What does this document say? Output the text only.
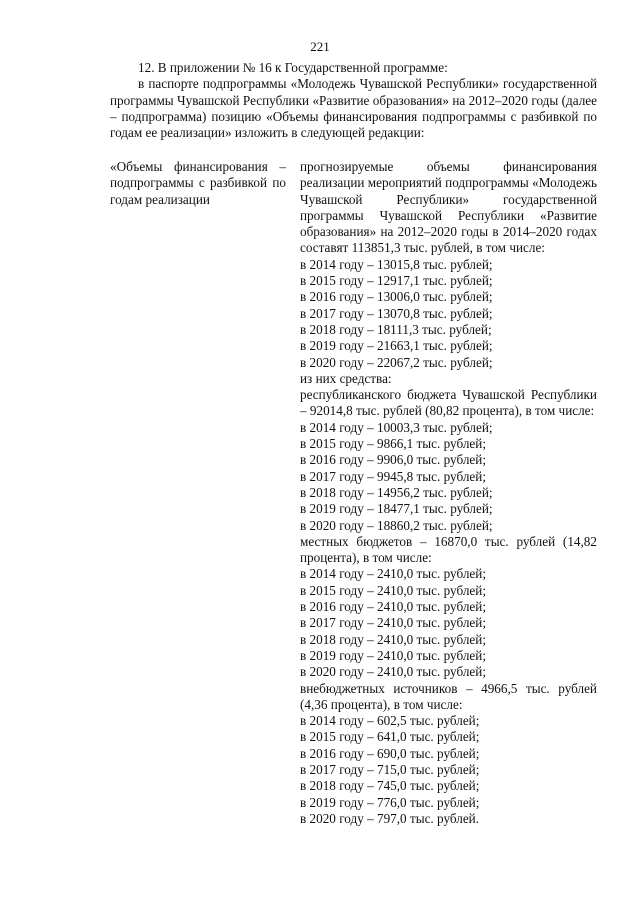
221

12. В приложении № 16 к Государственной программе:

в паспорте подпрограммы «Молодежь Чувашской Республики» государственной программы Чувашской Республики «Развитие образования» на 2012–2020 годы (далее – подпрограмма) позицию «Объемы финансирования подпрограммы с разбивкой по годам ее реализации» изложить в следующей редакции:

«Объемы финансирования – подпрограммы с разбивкой по годам реализации

прогнозируемые объемы финансирования реализации мероприятий подпрограммы «Молодежь Чувашской Республики» государственной программы Чувашской Республики «Развитие образования» на 2012–2020 годы в 2014–2020 годах составят 113851,3 тыс. рублей, в том числе:

в 2014 году – 13015,8 тыс. рублей;

в 2015 году – 12917,1 тыс. рублей;

в 2016 году – 13006,0 тыс. рублей;

в 2017 году – 13070,8 тыс. рублей;

в 2018 году – 18111,3 тыс. рублей;

в 2019 году – 21663,1 тыс. рублей;

в 2020 году – 22067,2 тыс. рублей;

из них средства:

республиканского бюджета Чувашской Республики – 92014,8 тыс. рублей (80,82 процента), в том числе:

в 2014 году – 10003,3 тыс. рублей;

в 2015 году – 9866,1 тыс. рублей;

в 2016 году – 9906,0 тыс. рублей;

в 2017 году – 9945,8 тыс. рублей;

в 2018 году – 14956,2 тыс. рублей;

в 2019 году – 18477,1 тыс. рублей;

в 2020 году – 18860,2 тыс. рублей;

местных бюджетов – 16870,0 тыс. рублей (14,82 процента), в том числе:

в 2014 году – 2410,0 тыс. рублей;

в 2015 году – 2410,0 тыс. рублей;

в 2016 году – 2410,0 тыс. рублей;

в 2017 году – 2410,0 тыс. рублей;

в 2018 году – 2410,0 тыс. рублей;

в 2019 году – 2410,0 тыс. рублей;

в 2020 году – 2410,0 тыс. рублей;

внебюджетных источников – 4966,5 тыс. рублей (4,36 процента), в том числе:

в 2014 году – 602,5 тыс. рублей;

в 2015 году – 641,0 тыс. рублей;

в 2016 году – 690,0 тыс. рублей;

в 2017 году – 715,0 тыс. рублей;

в 2018 году – 745,0 тыс. рублей;

в 2019 году – 776,0 тыс. рублей;

в 2020 году – 797,0 тыс. рублей.
